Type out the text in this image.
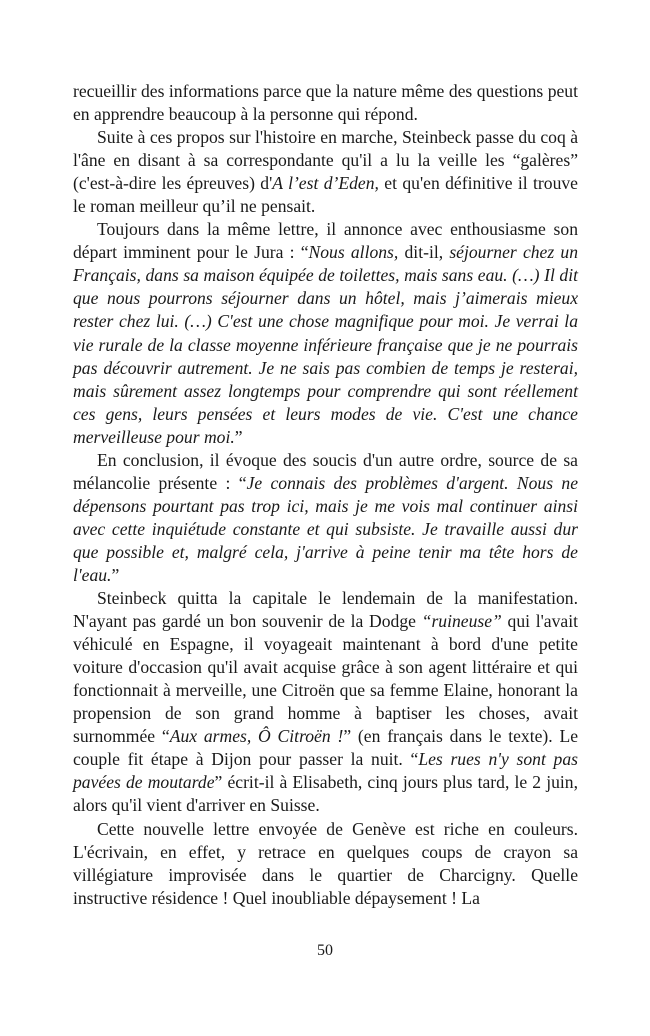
recueillir des informations parce que la nature même des questions peut en apprendre beaucoup à la personne qui répond.

Suite à ces propos sur l'histoire en marche, Steinbeck passe du coq à l'âne en disant à sa correspondante qu'il a lu la veille les “galères” (c'est-à-dire les épreuves) d'A l’est d’Eden, et qu'en définitive il trouve le roman meilleur qu’il ne pensait.

Toujours dans la même lettre, il annonce avec enthousiasme son départ imminent pour le Jura : “Nous allons, dit-il, séjourner chez un Français, dans sa maison équipée de toilettes, mais sans eau. (…) Il dit que nous pourrons séjourner dans un hôtel, mais j’aimerais mieux rester chez lui. (…) C'est une chose magnifique pour moi. Je verrai la vie rurale de la classe moyenne inférieure française que je ne pourrais pas découvrir autrement. Je ne sais pas combien de temps je resterai, mais sûrement assez longtemps pour comprendre qui sont réellement ces gens, leurs pensées et leurs modes de vie. C'est une chance merveilleuse pour moi.”

En conclusion, il évoque des soucis d'un autre ordre, source de sa mélancolie présente : “Je connais des problèmes d'argent. Nous ne dépensons pourtant pas trop ici, mais je me vois mal continuer ainsi avec cette inquiétude constante et qui subsiste. Je travaille aussi dur que possible et, malgré cela, j'arrive à peine tenir ma tête hors de l'eau.”

Steinbeck quitta la capitale le lendemain de la manifestation. N'ayant pas gardé un bon souvenir de la Dodge “ruineuse” qui l'avait véhiculé en Espagne, il voyageait maintenant à bord d'une petite voiture d'occasion qu'il avait acquise grâce à son agent littéraire et qui fonctionnait à merveille, une Citroën que sa femme Elaine, honorant la propension de son grand homme à baptiser les choses, avait surnommée “Aux armes, Ô Citroën !” (en français dans le texte). Le couple fit étape à Dijon pour passer la nuit. “Les rues n'y sont pas pavées de moutarde” écrit-il à Elisabeth, cinq jours plus tard, le 2 juin, alors qu'il vient d'arriver en Suisse.

Cette nouvelle lettre envoyée de Genève est riche en couleurs. L'écrivain, en effet, y retrace en quelques coups de crayon sa villégiature improvisée dans le quartier de Charcigny. Quelle instructive résidence ! Quel inoubliable dépaysement ! La

50
